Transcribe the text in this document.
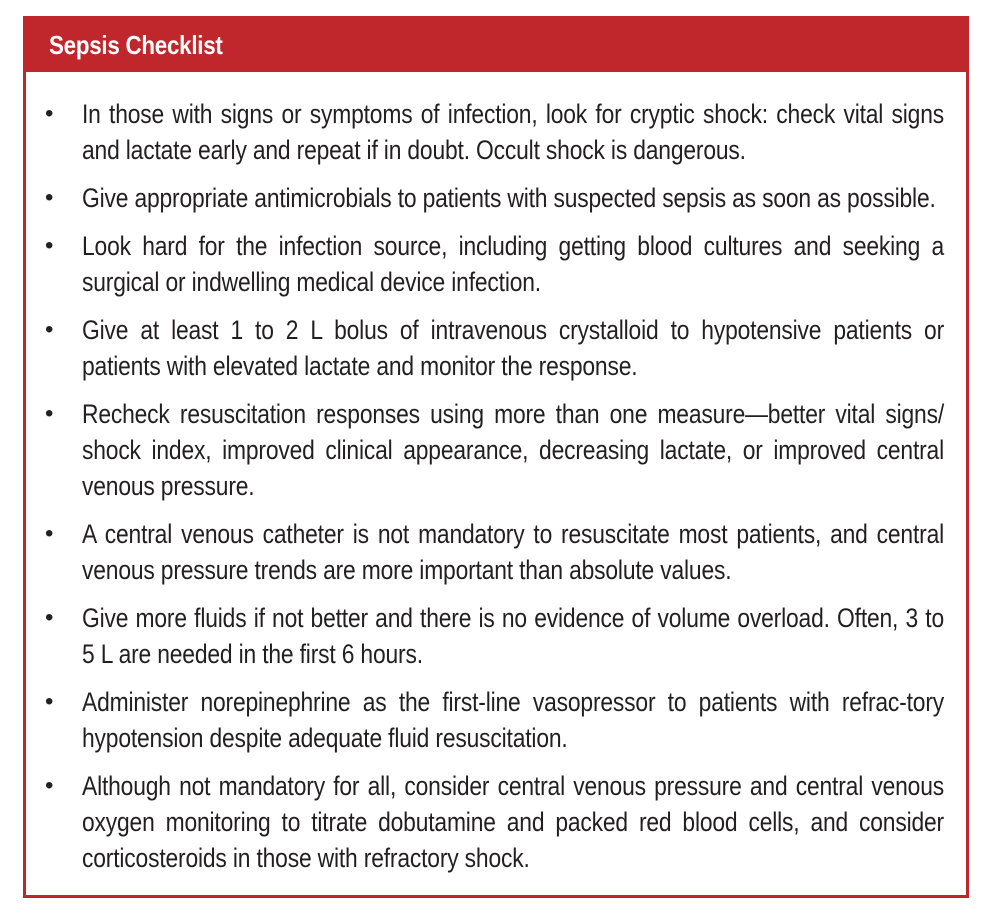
Sepsis Checklist
• In those with signs or symptoms of infection, look for cryptic shock: check vital signs and lactate early and repeat if in doubt. Occult shock is dangerous.
• Give appropriate antimicrobials to patients with suspected sepsis as soon as possible.
• Look hard for the infection source, including getting blood cultures and seeking a surgical or indwelling medical device infection.
• Give at least 1 to 2 L bolus of intravenous crystalloid to hypotensive patients or patients with elevated lactate and monitor the response.
• Recheck resuscitation responses using more than one measure—better vital signs/ shock index, improved clinical appearance, decreasing lactate, or improved central venous pressure.
• A central venous catheter is not mandatory to resuscitate most patients, and central venous pressure trends are more important than absolute values.
• Give more fluids if not better and there is no evidence of volume overload. Often, 3 to 5 L are needed in the first 6 hours.
• Administer norepinephrine as the first-line vasopressor to patients with refrac-tory hypotension despite adequate fluid resuscitation.
• Although not mandatory for all, consider central venous pressure and central venous oxygen monitoring to titrate dobutamine and packed red blood cells, and consider corticosteroids in those with refractory shock.
